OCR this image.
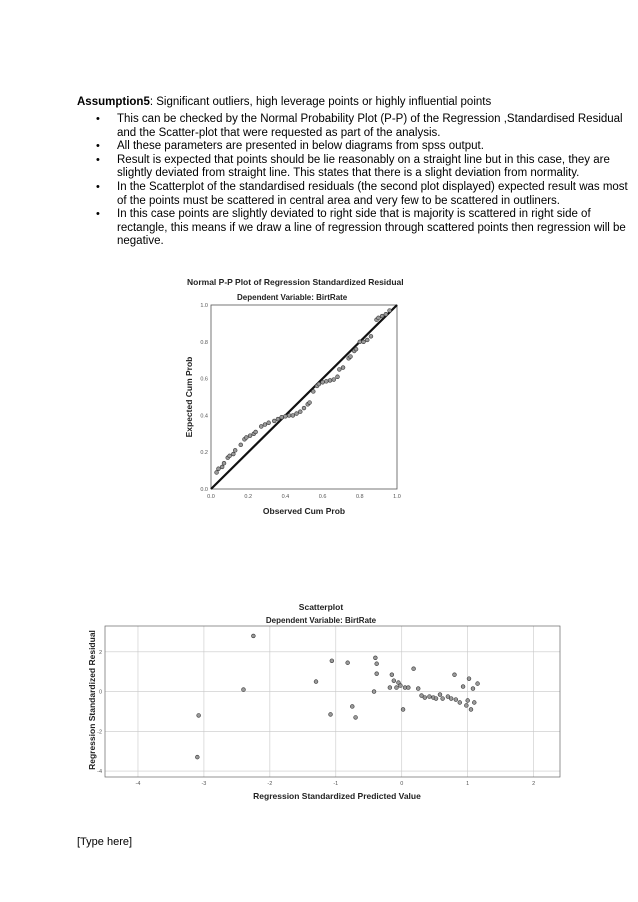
Assumption5: Significant outliers, high leverage points or highly influential points
• This can be checked by the Normal Probability Plot (P-P) of the Regression ,Standardised Residual and the Scatter-plot that were requested as part of the analysis.
• All these parameters are presented in below diagrams from spss output.
• Result is expected that points should be lie reasonably on a straight line but in this case, they are slightly deviated from straight line. This states that there is a slight deviation from normality.
• In the Scatterplot of the standardised residuals (the second plot displayed) expected result was most of the points must be scattered in central area and very few to be scattered in outliners.
• In this case points are slightly deviated to right side that is majority is scattered in right side of rectangle, this means if we draw a line of regression through scattered points then regression will be negative.
Normal P-P Plot of Regression Standardized Residual
Dependent Variable: BirtRate
0.0	0.2	0.4	0.6	0.8	1.0
0.0
0.2
0.4
0.6
0.8
1.0
Observed Cum Prob
Expected Cum Prob
Scatterplot
Dependent Variable: BirtRate
-4	-3	-2	-1	0	1	2
-4
-2
0
2
Regression Standardized Predicted Value
Regression Standardized Residual
[Type here]
